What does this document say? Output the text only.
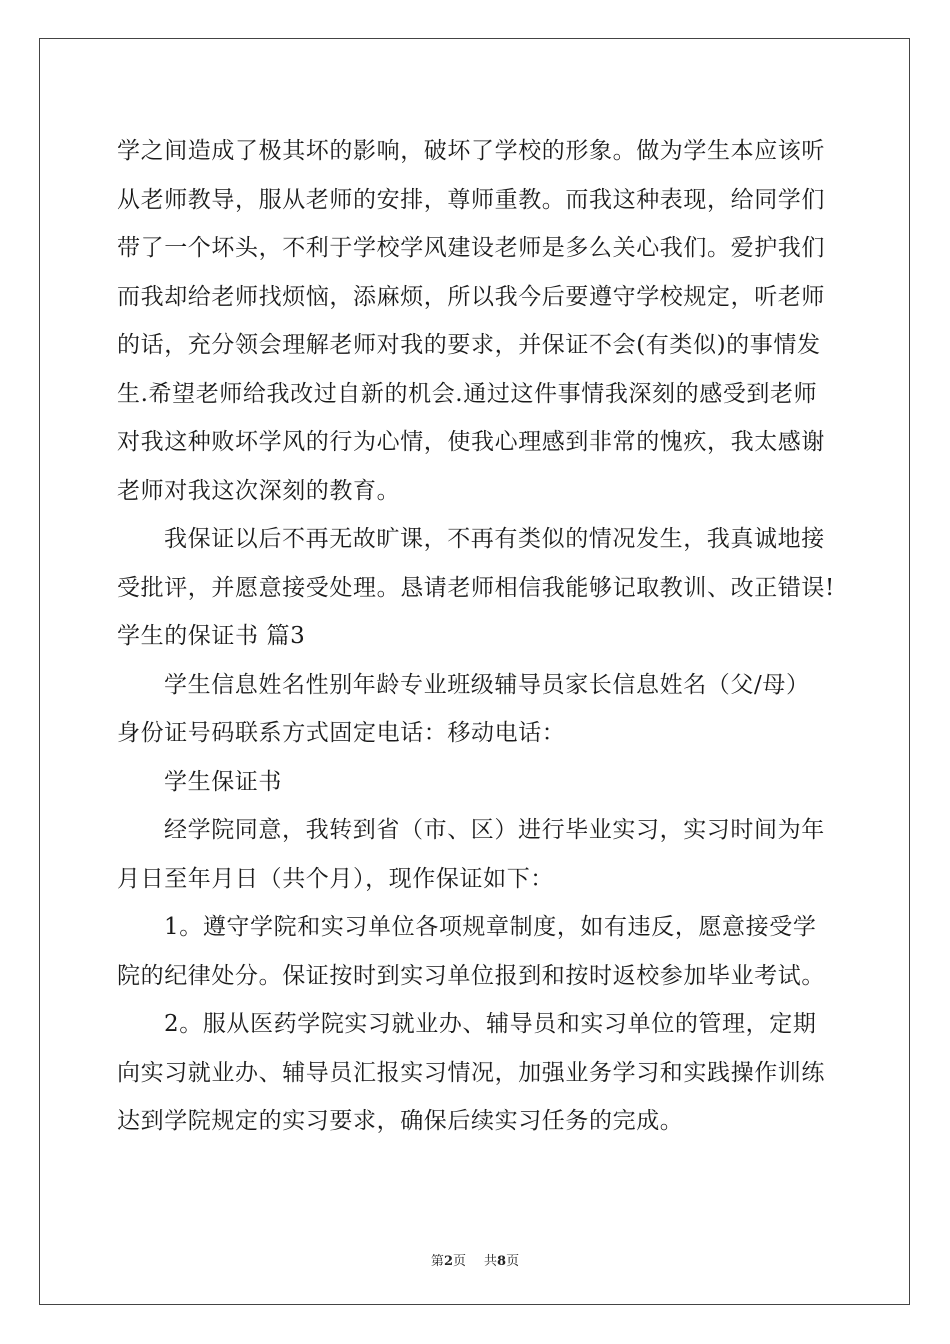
学之间造成了极其坏的影响，破坏了学校的形象。做为学生本应该听
从老师教导，服从老师的安排，尊师重教。而我这种表现，给同学们
带了一个坏头，不利于学校学风建设老师是多么关心我们。爱护我们
而我却给老师找烦恼，添麻烦，所以我今后要遵守学校规定，听老师
的话，充分领会理解老师对我的要求，并保证不会(有类似)的事情发
生.希望老师给我改过自新的机会.通过这件事情我深刻的感受到老师
对我这种败坏学风的行为心情，使我心理感到非常的愧疚，我太感谢
老师对我这次深刻的教育。
我保证以后不再无故旷课，不再有类似的情况发生，我真诚地接
受批评，并愿意接受处理。恳请老师相信我能够记取教训、改正错误!
学生的保证书 篇3
学生信息姓名性别年龄专业班级辅导员家长信息姓名（父/母）
身份证号码联系方式固定电话：移动电话：
学生保证书
经学院同意，我转到省（市、区）进行毕业实习，实习时间为年
月日至年月日（共个月），现作保证如下：
1。遵守学院和实习单位各项规章制度，如有违反，愿意接受学
院的纪律处分。保证按时到实习单位报到和按时返校参加毕业考试。
2。服从医药学院实习就业办、辅导员和实习单位的管理，定期
向实习就业办、辅导员汇报实习情况，加强业务学习和实践操作训练
达到学院规定的实习要求，确保后续实习任务的完成。
第2页 共8页
